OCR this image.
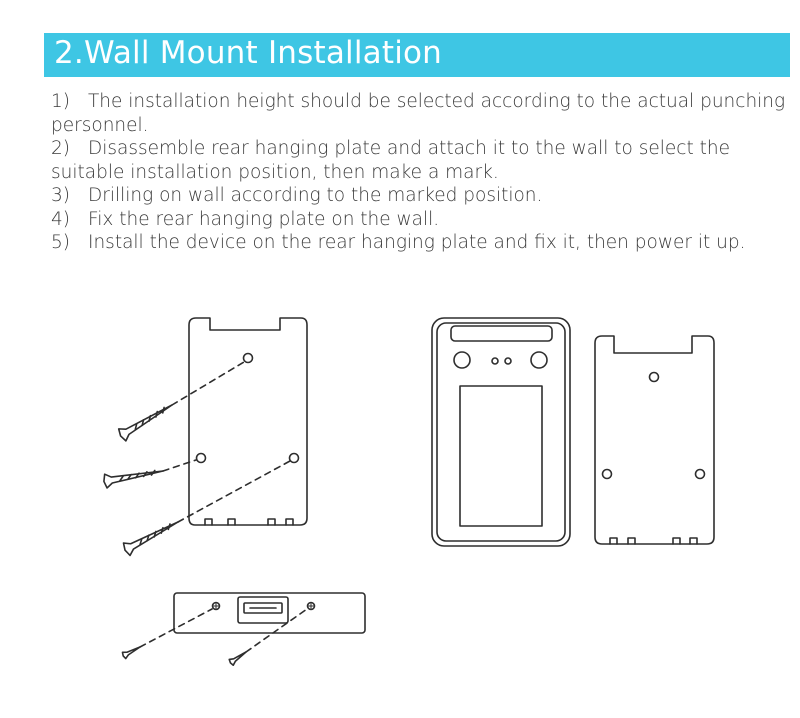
2.Wall Mount Installation
1) The installation height should be selected according to the actual punching
personnel.
2) Disassemble rear hanging plate and attach it to the wall to select the
suitable installation position, then make a mark.
3) Drilling on wall according to the marked position.
4) Fix the rear hanging plate on the wall.
5) Install the device on the rear hanging plate and fix it, then power it up.
